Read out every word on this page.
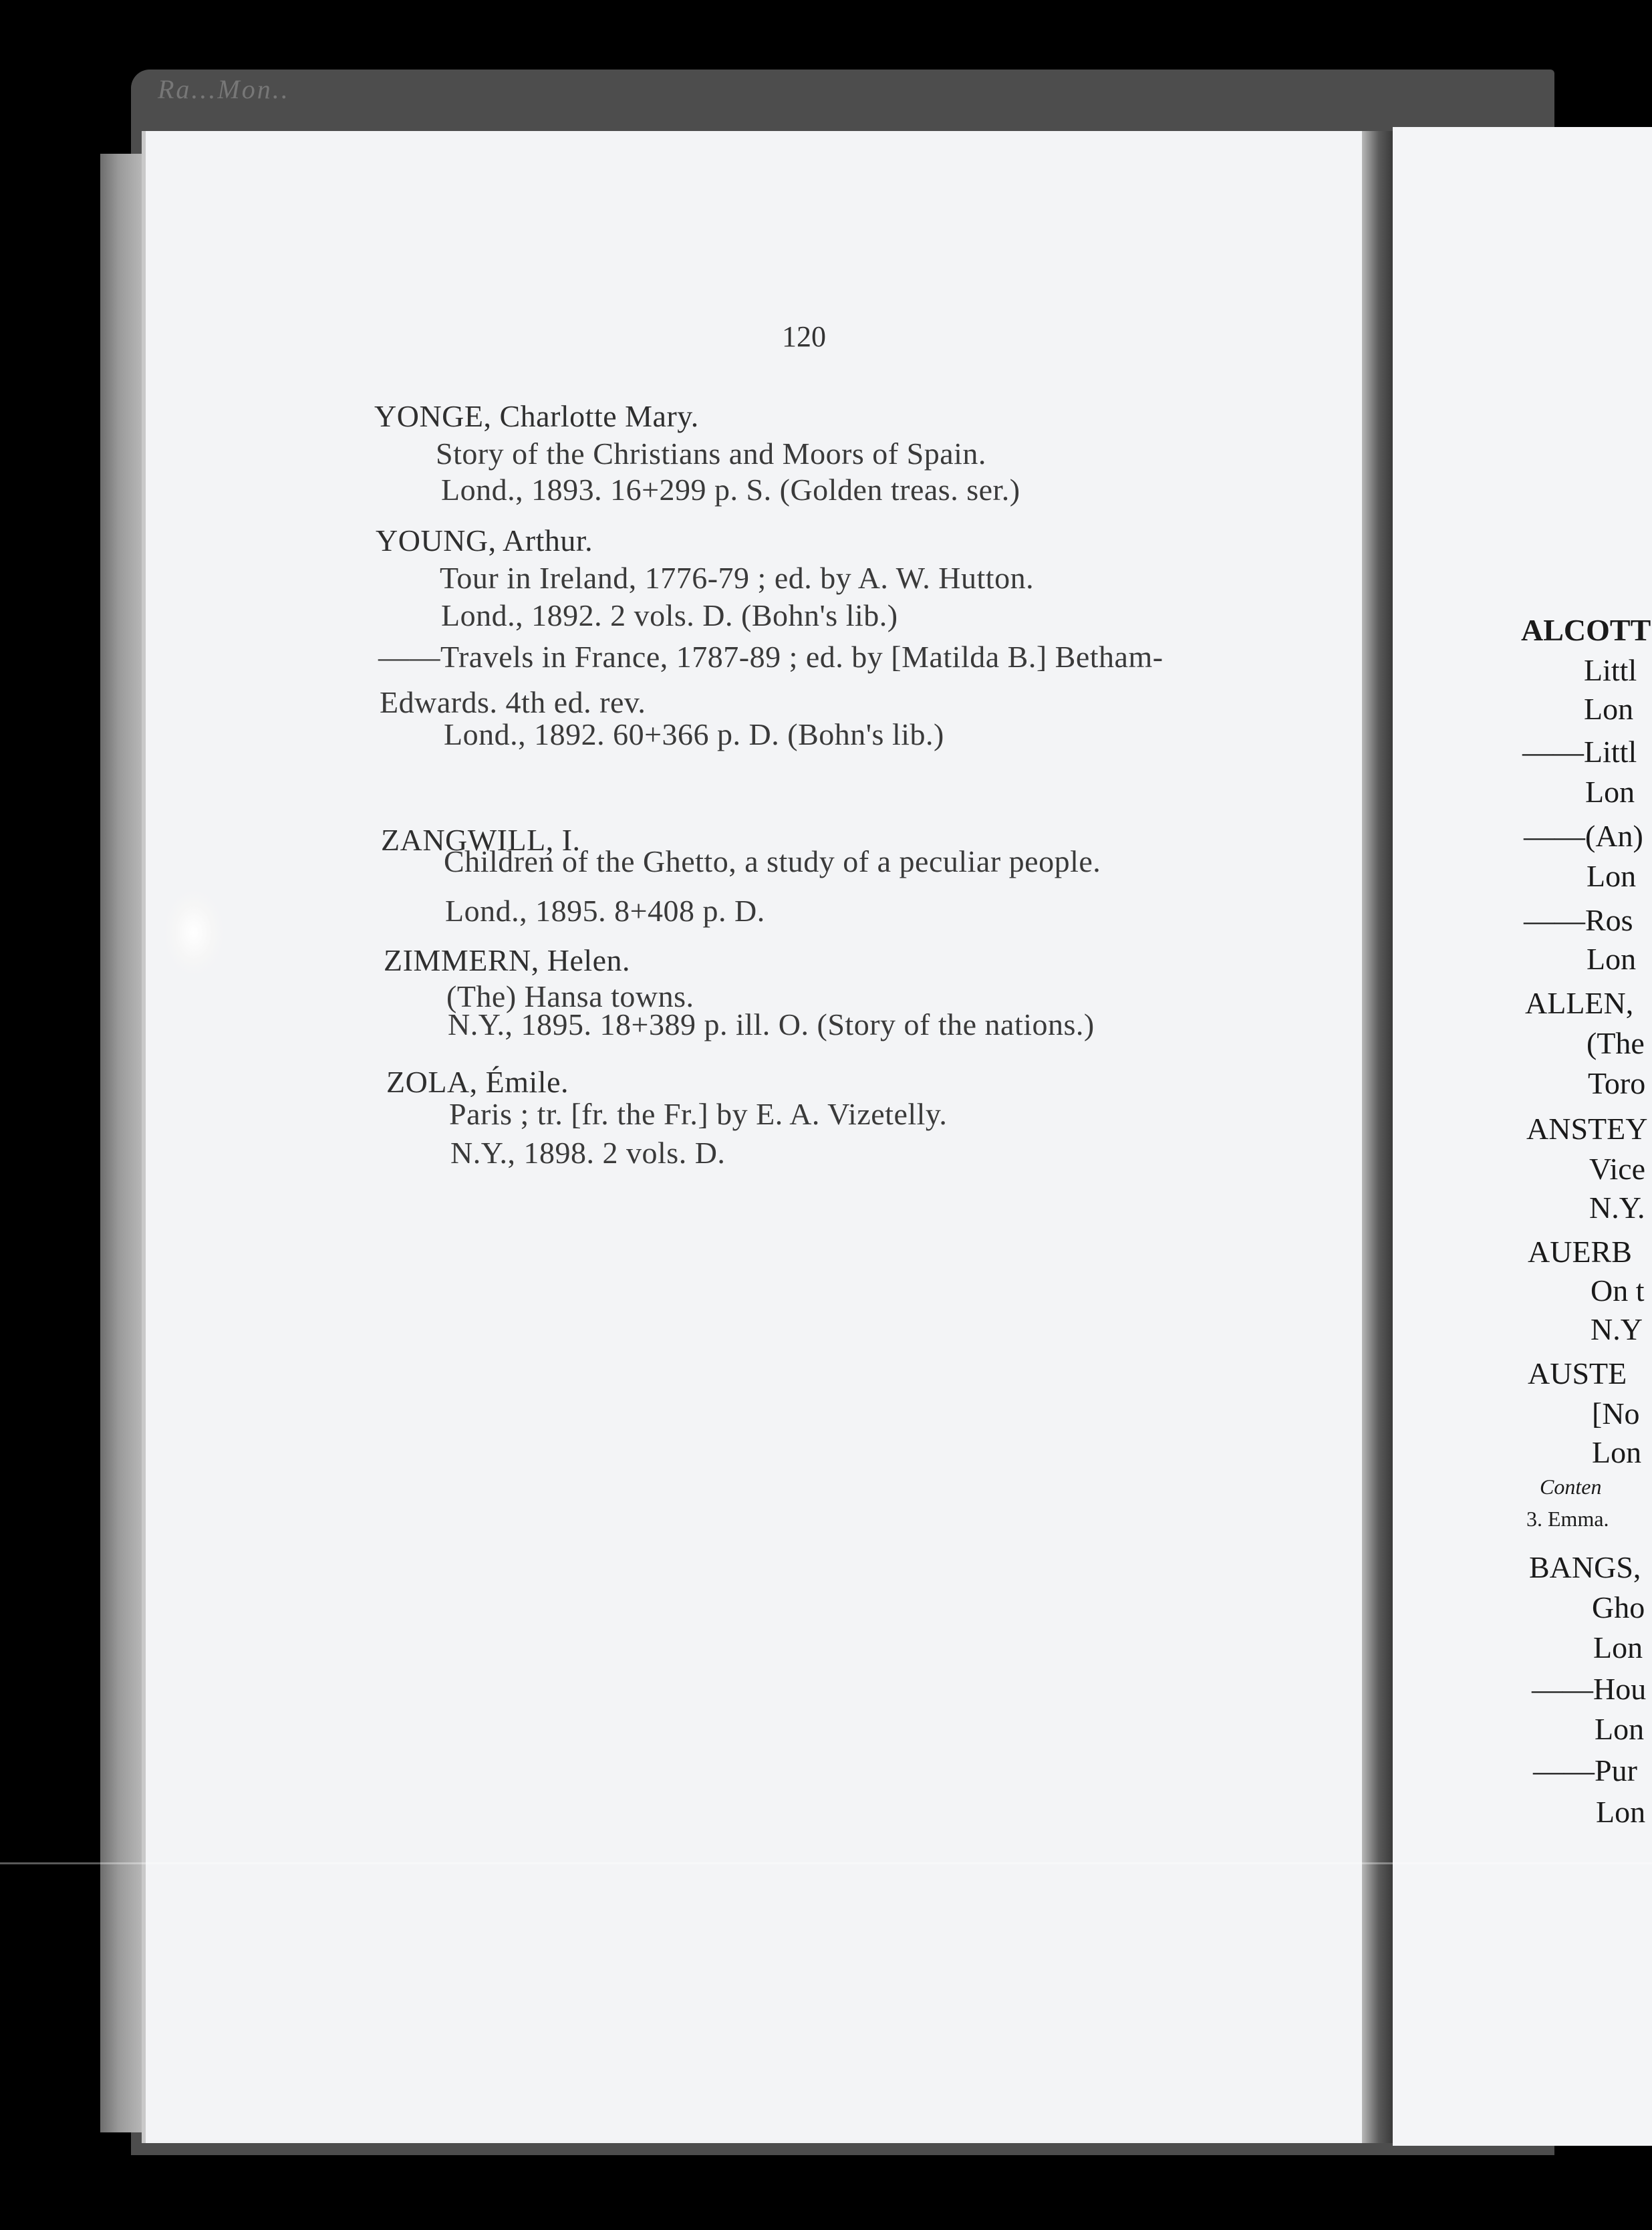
Ra...Mon..
120
YONGE, Charlotte Mary.
Story of the Christians and Moors of Spain.
Lond., 1893. 16+299 p. S. (Golden treas. ser.)
YOUNG, Arthur.
Tour in Ireland, 1776-79 ; ed. by A. W. Hutton.
Lond., 1892. 2 vols. D. (Bohn's lib.)
——Travels in France, 1787-89 ; ed. by [Matilda B.] Betham-
Edwards. 4th ed. rev.
Lond., 1892. 60+366 p. D. (Bohn's lib.)
ZANGWILL, I.
Children of the Ghetto, a study of a peculiar people.
Lond., 1895. 8+408 p. D.
ZIMMERN, Helen.
(The) Hansa towns.
N.Y., 1895. 18+389 p. ill. O. (Story of the nations.)
ZOLA, Émile.
Paris ; tr. [fr. the Fr.] by E. A. Vizetelly.
N.Y., 1898. 2 vols. D.
ALCOTT
Littl
Lon
——Littl
Lon
——(An)
Lon
——Ros
Lon
ALLEN,
(The
Toro
ANSTEY
Vice
N.Y.
AUERB
On t
N.Y
AUSTE
[No
Lon
Conten
3. Emma.
BANGS,
Gho
Lon
——Hou
Lon
——Pur
Lon
